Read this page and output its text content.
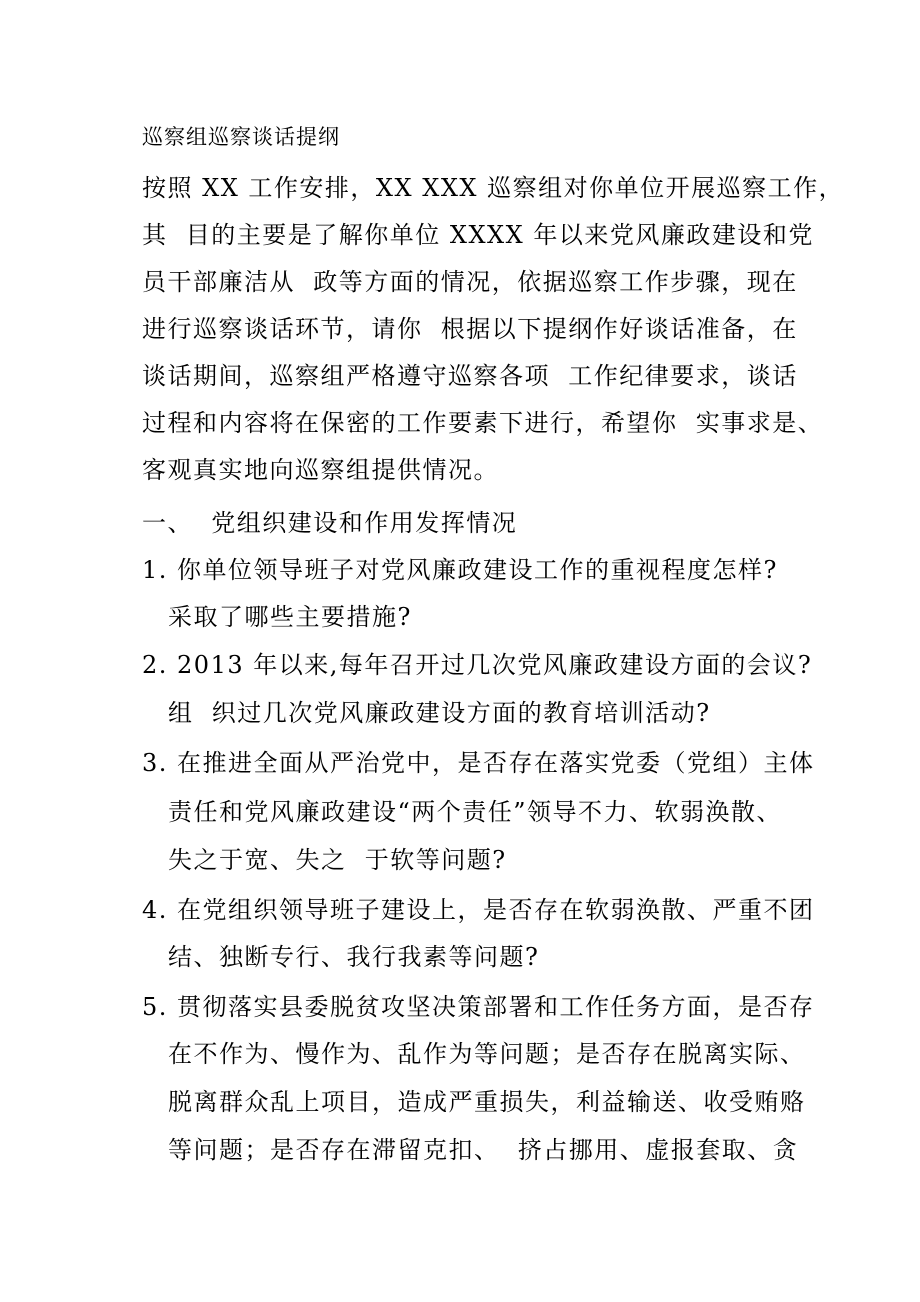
巡察组巡察谈话提纲
按照 XX 工作安排，XX XXX 巡察组对你单位开展巡察工作，
其  目的主要是了解你单位 XXXX 年以来党风廉政建设和党
员干部廉洁从  政等方面的情况，依据巡察工作步骤，现在
进行巡察谈话环节，请你  根据以下提纲作好谈话准备，在
谈话期间，巡察组严格遵守巡察各项  工作纪律要求，谈话
过程和内容将在保密的工作要素下进行，希望你  实事求是、
客观真实地向巡察组提供情况。
一、  党组织建设和作用发挥情况
1. 你单位领导班子对党风廉政建设工作的重视程度怎样?
采取了哪些主要措施?
2. 2013 年以来,每年召开过几次党风廉政建设方面的会议?
组  织过几次党风廉政建设方面的教育培训活动?
3. 在推进全面从严治党中，是否存在落实党委（党组）主体
责任和党风廉政建设“两个责任”领导不力、软弱涣散、
失之于宽、失之  于软等问题?
4. 在党组织领导班子建设上，是否存在软弱涣散、严重不团
结、独断专行、我行我素等问题?
5. 贯彻落实县委脱贫攻坚决策部署和工作任务方面，是否存
在不作为、慢作为、乱作为等问题；是否存在脱离实际、
脱离群众乱上项目，造成严重损失，利益输送、收受贿赂
等问题；是否存在滞留克扣、  挤占挪用、虚报套取、贪
